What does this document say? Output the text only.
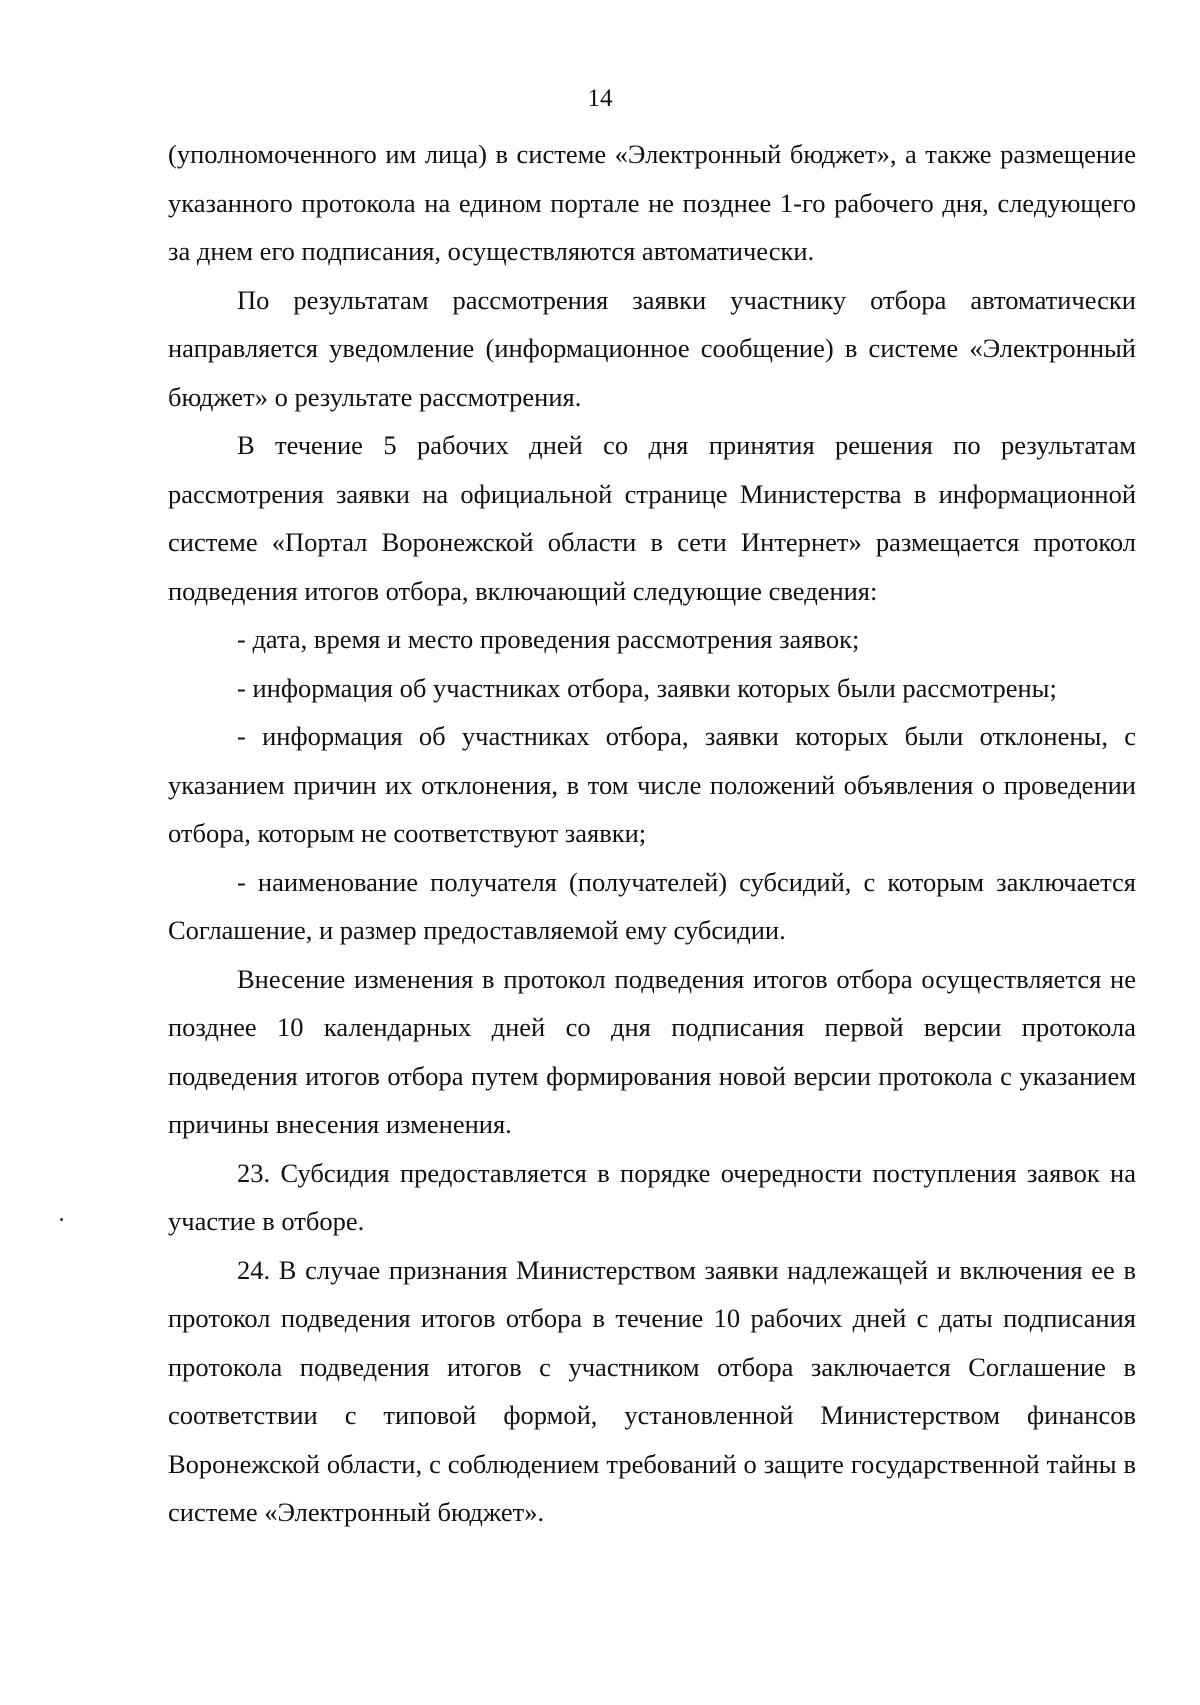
14

(уполномоченного им лица) в системе «Электронный бюджет», а также размещение указанного протокола на едином портале не позднее 1-го рабочего дня, следующего за днем его подписания, осуществляются автоматически.

По результатам рассмотрения заявки участнику отбора автоматически направляется уведомление (информационное сообщение) в системе «Электронный бюджет» о результате рассмотрения.

В течение 5 рабочих дней со дня принятия решения по результатам рассмотрения заявки на официальной странице Министерства в информационной системе «Портал Воронежской области в сети Интернет» размещается протокол подведения итогов отбора, включающий следующие сведения:

- дата, время и место проведения рассмотрения заявок;

- информация об участниках отбора, заявки которых были рассмотрены;

- информация об участниках отбора, заявки которых были отклонены, с указанием причин их отклонения, в том числе положений объявления о проведении отбора, которым не соответствуют заявки;

- наименование получателя (получателей) субсидий, с которым заключается Соглашение, и размер предоставляемой ему субсидии.

Внесение изменения в протокол подведения итогов отбора осуществляется не позднее 10 календарных дней со дня подписания первой версии протокола подведения итогов отбора путем формирования новой версии протокола с указанием причины внесения изменения.

23. Субсидия предоставляется в порядке очередности поступления заявок на участие в отборе.

24. В случае признания Министерством заявки надлежащей и включения ее в протокол подведения итогов отбора в течение 10 рабочих дней с даты подписания протокола подведения итогов с участником отбора заключается Соглашение в соответствии с типовой формой, установленной Министерством финансов Воронежской области, с соблюдением требований о защите государственной тайны в системе «Электронный бюджет».
